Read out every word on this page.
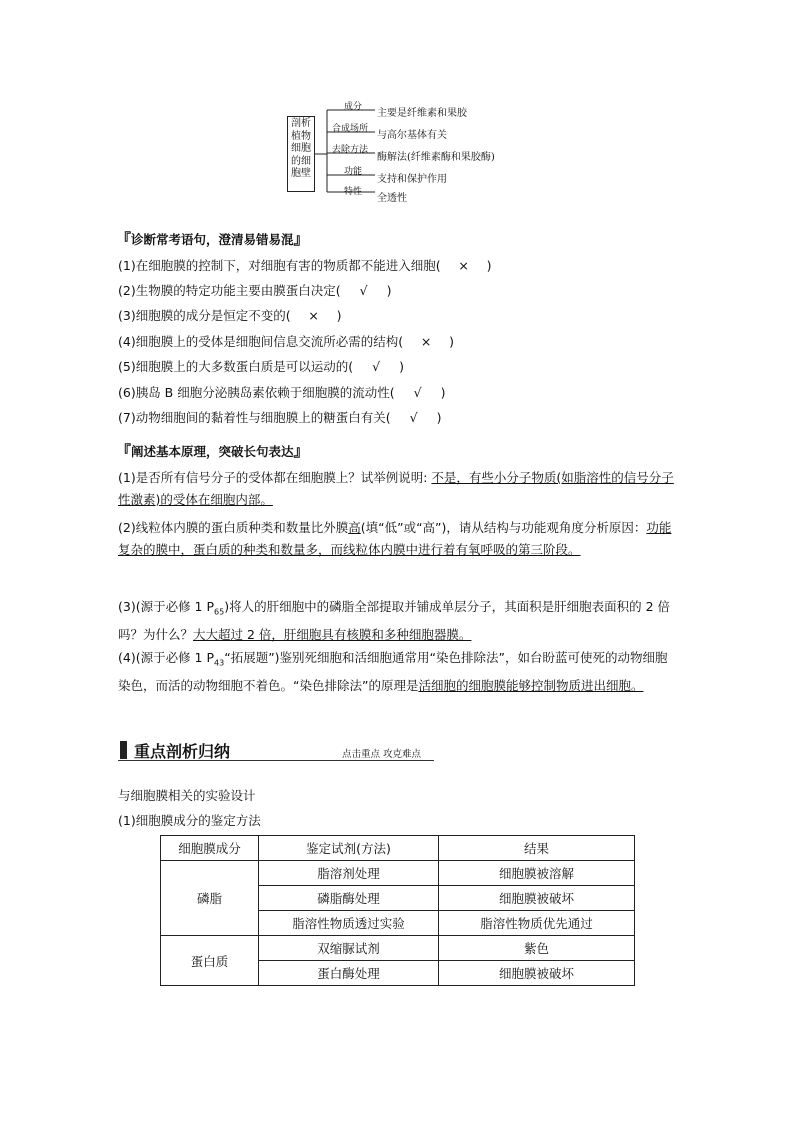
剖析植物细胞的细胞壁
成分
合成场所
去除方法
功能
特性
主要是纤维素和果胶
与高尔基体有关
酶解法(纤维素酶和果胶酶)
支持和保护作用
全透性
『诊断常考语句，澄清易错易混』
(1)在细胞膜的控制下，对细胞有害的物质都不能进入细胞( × )
(2)生物膜的特定功能主要由膜蛋白决定( √ )
(3)细胞膜的成分是恒定不变的( × )
(4)细胞膜上的受体是细胞间信息交流所必需的结构( × )
(5)细胞膜上的大多数蛋白质是可以运动的( √ )
(6)胰岛 B 细胞分泌胰岛素依赖于细胞膜的流动性( √ )
(7)动物细胞间的黏着性与细胞膜上的糖蛋白有关( √ )
『阐述基本原理，突破长句表达』
(1)是否所有信号分子的受体都在细胞膜上？试举例说明: 不是，有些小分子物质(如脂溶性的信号分子性激素)的受体在细胞内部。
(2)线粒体内膜的蛋白质种类和数量比外膜高(填“低”或“高”)，请从结构与功能观角度分析原因：功能复杂的膜中，蛋白质的种类和数量多，而线粒体内膜中进行着有氧呼吸的第三阶段。
(3)(源于必修 1 $P_{65}$)将人的肝细胞中的磷脂全部提取并铺成单层分子，其面积是肝细胞表面积的 2 倍吗？为什么？大大超过 2 倍，肝细胞具有核膜和多种细胞器膜。
(4)(源于必修 1 $P_{43}“$拓展题”)鉴别死细胞和活细胞通常用“染色排除法”，如台盼蓝可使死的动物细胞染色，而活的动物细胞不着色。“染色排除法”的原理是活细胞的细胞膜能够控制物质进出细胞。
重点剖析归纳	点击重点 攻克难点
与细胞膜相关的实验设计
(1)细胞膜成分的鉴定方法
细胞膜成分	鉴定试剂(方法)	结果
磷脂	脂溶剂处理	细胞膜被溶解
	磷脂酶处理	细胞膜被破坏
	脂溶性物质透过实验	脂溶性物质优先通过
蛋白质	双缩脲试剂	紫色
	蛋白酶处理	细胞膜被破坏
